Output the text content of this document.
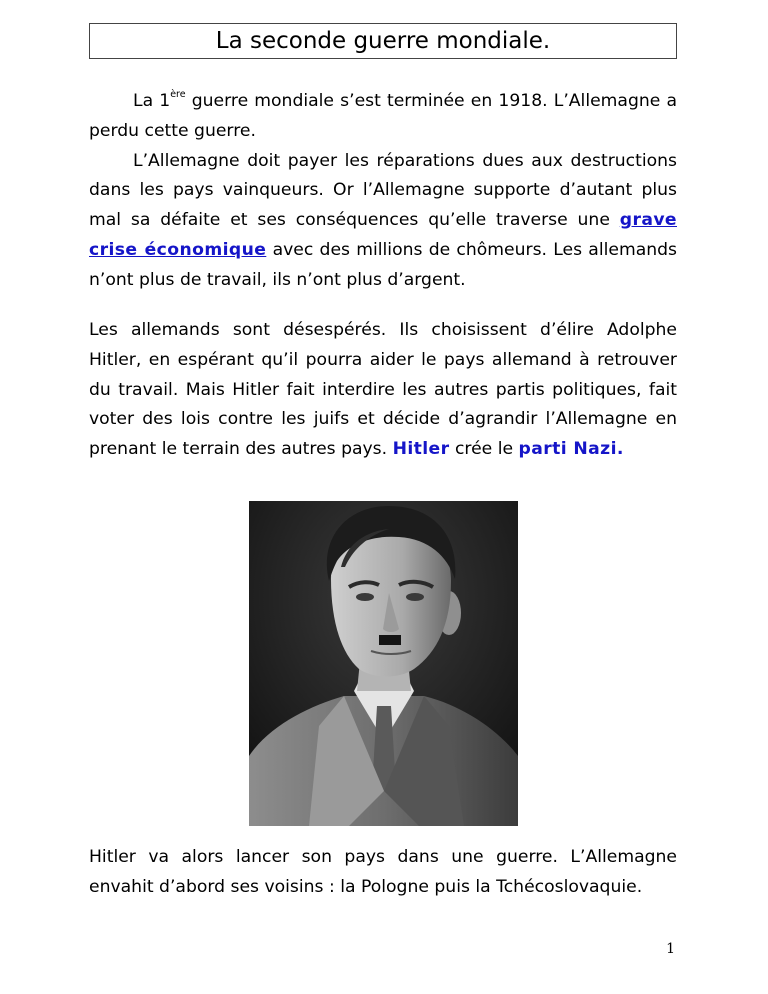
La seconde guerre mondiale.

La 1ère guerre mondiale s’est terminée en 1918. L’Allemagne a perdu cette guerre.

L’Allemagne doit payer les réparations dues aux destructions dans les pays vainqueurs. Or l’Allemagne supporte d’autant plus mal sa défaite et ses conséquences qu’elle traverse une grave crise économique avec des millions de chômeurs. Les allemands n’ont plus de travail, ils n’ont plus d’argent.

Les allemands sont désespérés. Ils choisissent d’élire Adolphe Hitler, en espérant qu’il pourra aider le pays allemand à retrouver du travail. Mais Hitler fait interdire les autres partis politiques, fait voter des lois contre les juifs et décide d’agrandir l’Allemagne en prenant le terrain des autres pays. Hitler crée le parti Nazi.

Hitler va alors lancer son pays dans une guerre. L’Allemagne envahit d’abord ses voisins : la Pologne puis la Tchécoslovaquie.

1
